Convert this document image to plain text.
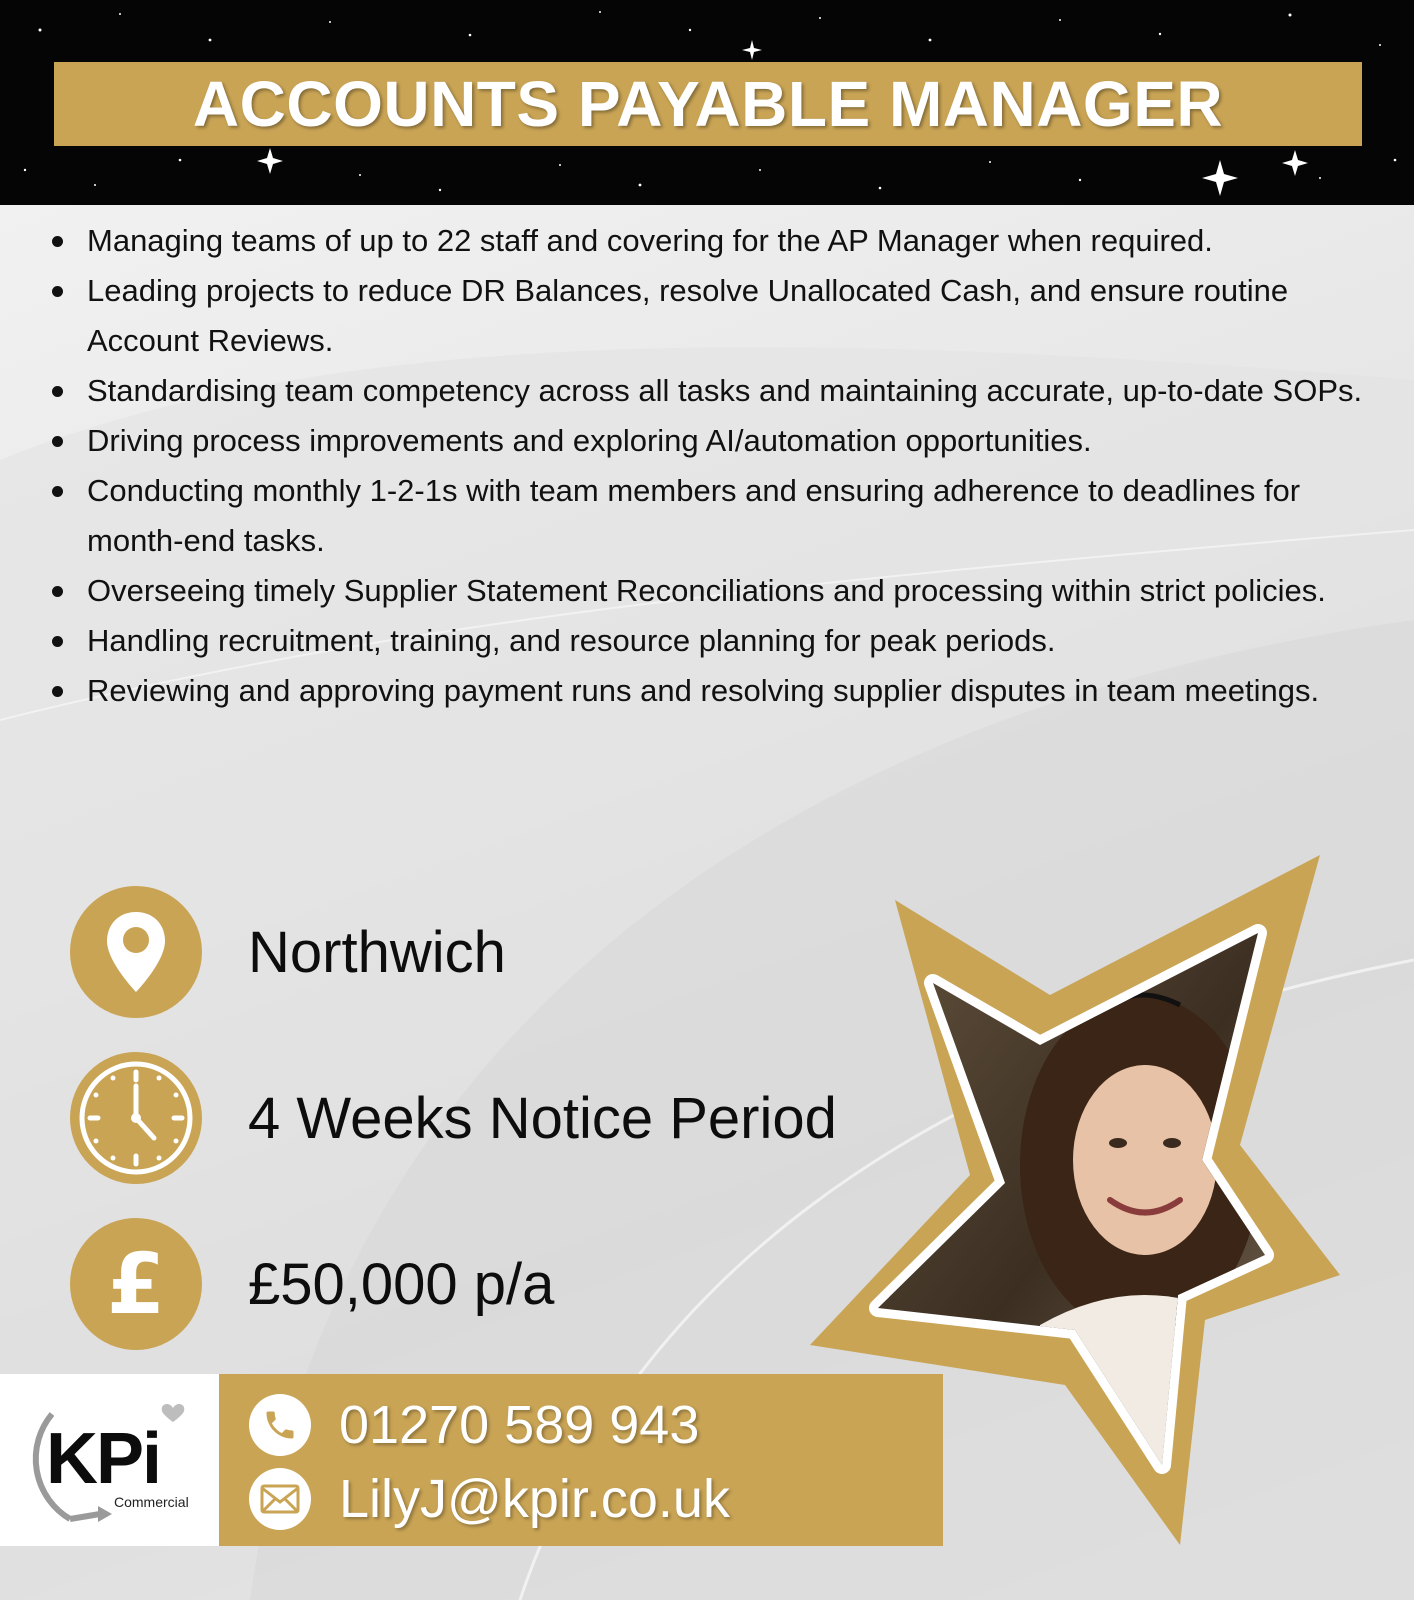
ACCOUNTS PAYABLE MANAGER
Managing teams of up to 22 staff and covering for the AP Manager when required.
Leading projects to reduce DR Balances, resolve Unallocated Cash, and ensure routine Account Reviews.
Standardising team competency across all tasks and maintaining accurate, up-to-date SOPs.
Driving process improvements and exploring AI/automation opportunities.
Conducting monthly 1-2-1s with team members and ensuring adherence to deadlines for month-end tasks.
Overseeing timely Supplier Statement Reconciliations and processing within strict policies.
Handling recruitment, training, and resource planning for peak periods.
Reviewing and approving payment runs and resolving supplier disputes in team meetings.
Northwich
4 Weeks Notice Period
£ £50,000 p/a
KPi
Commercial
01270 589 943
LilyJ@kpir.co.uk
